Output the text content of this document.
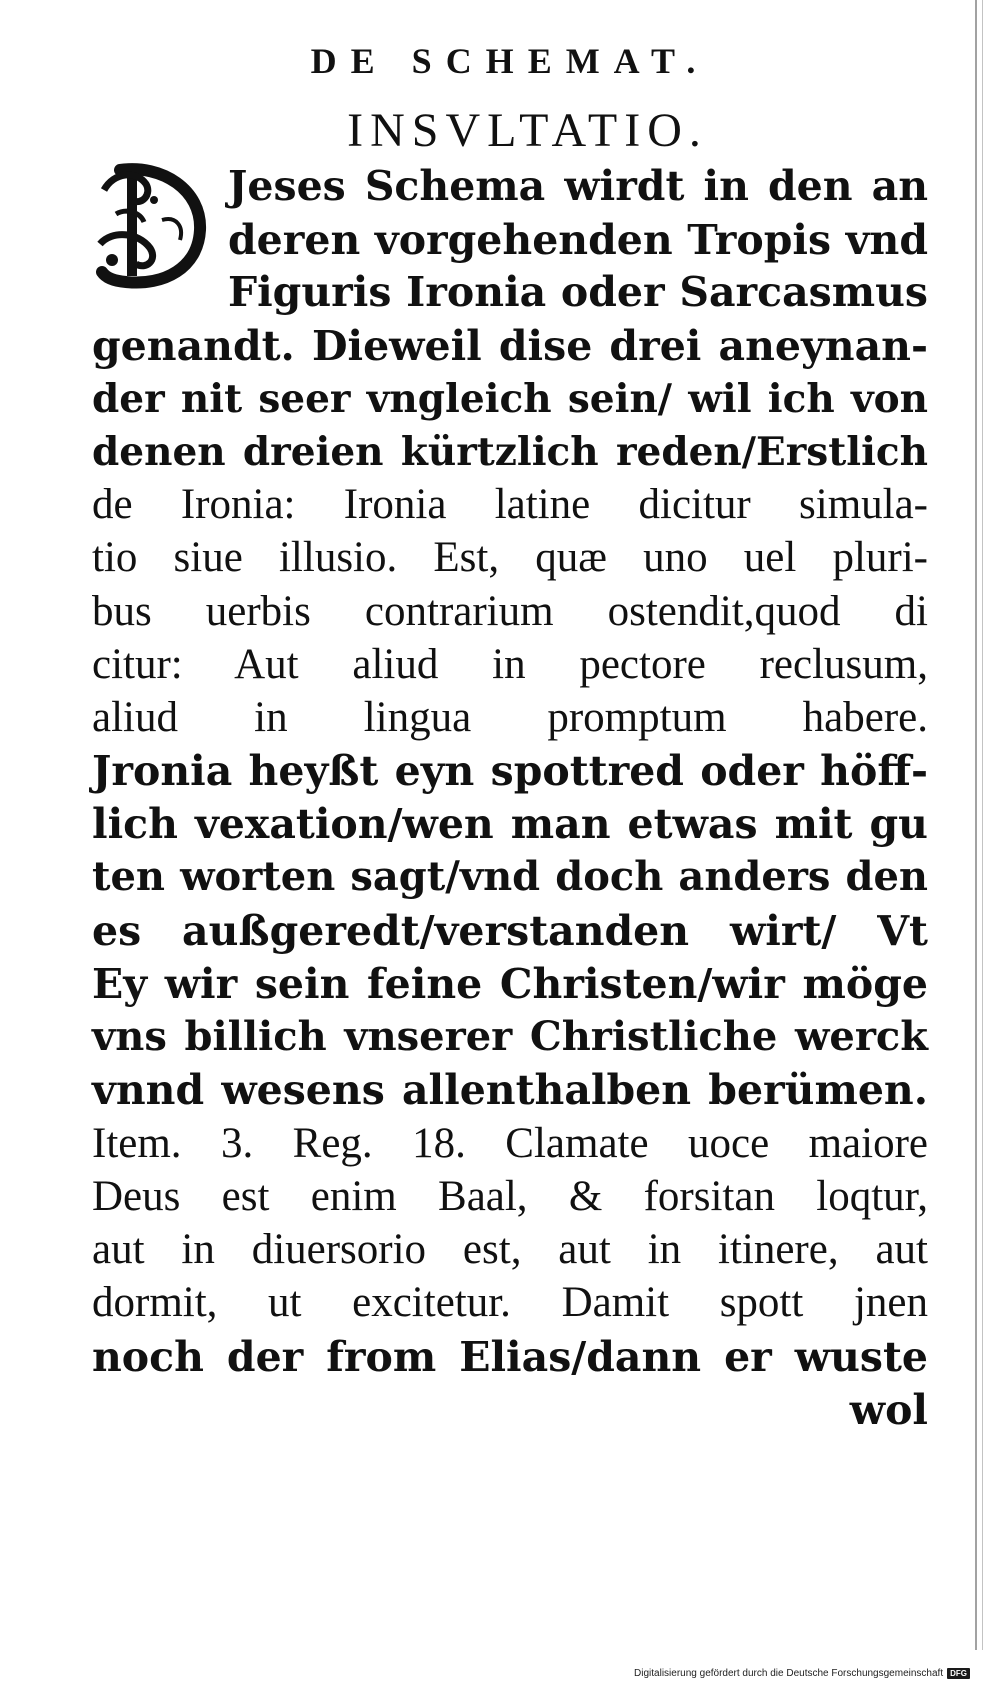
DE SCHEMAT.
INSVLTATIO.
Jeses Schema wirdt in den an
deren vorgehenden Tropis vnd
Figuris Ironia oder Sarcasmus
genandt. Dieweil dise drei aneynan-
der nit seer vngleich sein/ wil ich von
denen dreien kürtzlich reden/Erstlich
de Ironia: Ironia latine dicitur simula-
tio siue illusio. Est, quæ uno uel pluri-
bus uerbis contrarium ostendit,quod di
citur: Aut aliud in pectore reclusum,
aliud in lingua promptum habere.
Jronia heyßt eyn spottred oder höff-
lich vexation/wen man etwas mit gu
ten worten sagt/vnd doch anders den
es außgeredt/verstanden wirt/ Vt
Ey wir sein feine Christen/wir möge
vns billich vnserer Christliche werck
vnnd wesens allenthalben berümen.
Item. 3. Reg. 18. Clamate uoce maiore
Deus est enim Baal, & forsitan loqtur,
aut in diuersorio est, aut in itinere, aut
dormit, ut excitetur. Damit spott jnen
noch der from Elias/dann er wuste
wol
Digitalisierung gefördert durch die Deutsche Forschungsgemeinschaft DFG
